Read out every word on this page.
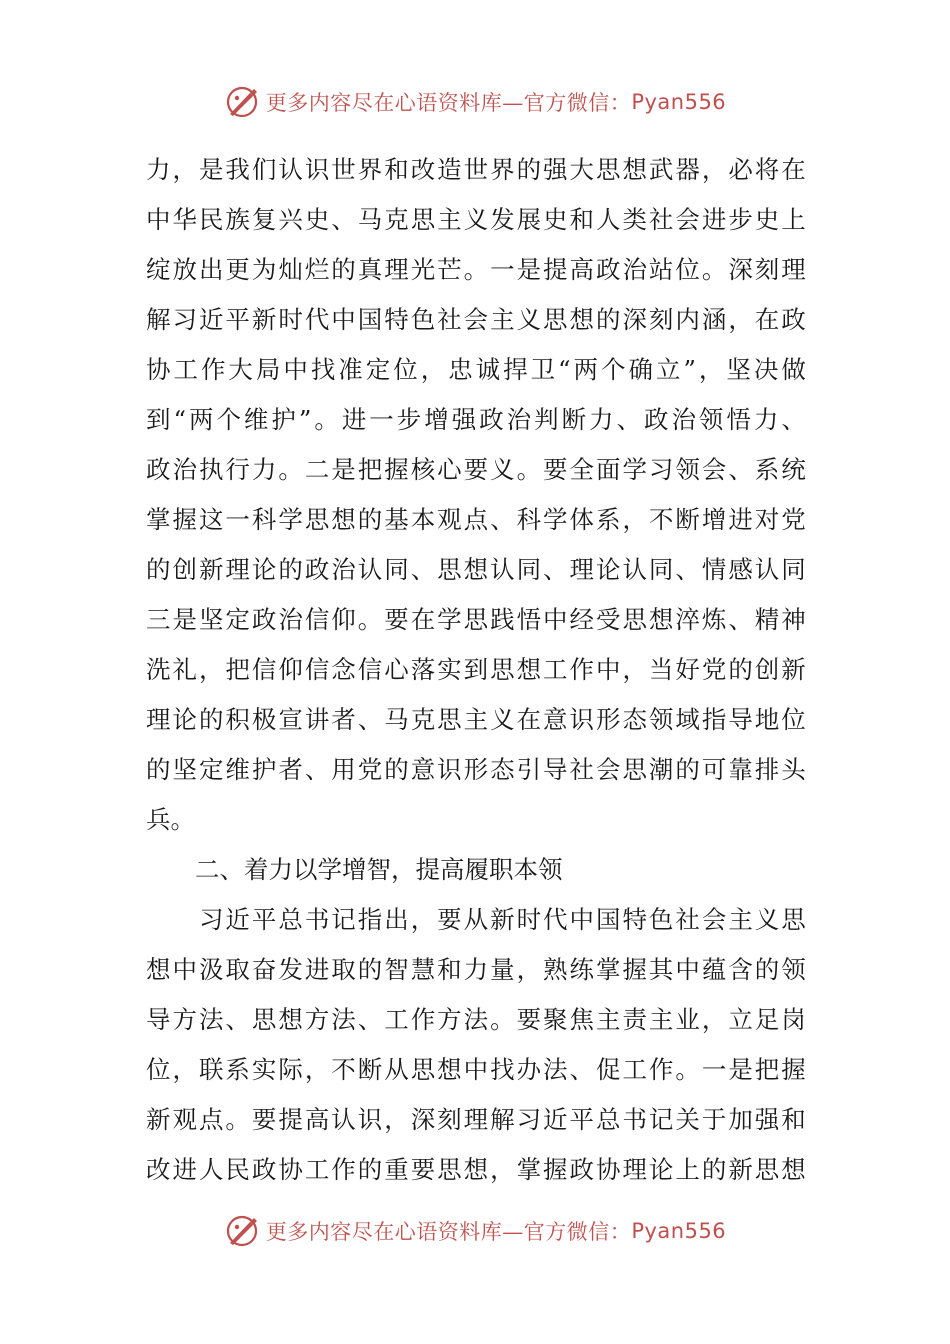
更多内容尽在心语资料库—官方微信： Pyan556
力 ， 是 我 们 认 识 世 界 和 改 造 世 界 的 强 大 思 想 武 器 ， 必 将 在
中 华 民 族 复 兴 史 、 马 克 思 主 义 发 展 史 和 人 类 社 会 进 步 史 上
绽 放 出 更 为 灿 烂 的 真 理 光 芒 。 一 是 提 高 政 治 站 位 。 深 刻 理
解 习 近 平 新 时 代 中 国 特 色 社 会 主 义 思 想 的 深 刻 内 涵 ， 在 政
协 工 作 大 局 中 找 准 定 位 ， 忠 诚 捍 卫 “ 两 个 确 立 ” ， 坚 决 做
到 “ 两 个 维 护 ” 。 进 一 步 增 强 政 治 判 断 力 、 政 治 领 悟 力 、
政 治 执 行 力 。 二 是 把 握 核 心 要 义 。 要 全 面 学 习 领 会 、 系 统
掌 握 这 一 科 学 思 想 的 基 本 观 点 、 科 学 体 系 ， 不 断 增 进 对 党
的 创 新 理 论 的 政 治 认 同 、 思 想 认 同 、 理 论 认 同 、 情 感 认 同
三 是 坚 定 政 治 信 仰 。 要 在 学 思 践 悟 中 经 受 思 想 淬 炼 、 精 神
洗 礼 ， 把 信 仰 信 念 信 心 落 实 到 思 想 工 作 中 ， 当 好 党 的 创 新
理 论 的 积 极 宣 讲 者 、 马 克 思 主 义 在 意 识 形 态 领 域 指 导 地 位
的 坚 定 维 护 者 、 用 党 的 意 识 形 态 引 导 社 会 思 潮 的 可 靠 排 头
兵。
　　二、着力以学增智，提高履职本领

习 近 平 总 书 记 指 出 ， 要 从 新 时 代 中 国 特 色 社 会 主 义 思
想 中 汲 取 奋 发 进 取 的 智 慧 和 力 量 ， 熟 练 掌 握 其 中 蕴 含 的 领
导 方 法 、 思 想 方 法 、 工 作 方 法 。 要 聚 焦 主 责 主 业 ， 立 足 岗
位 ， 联 系 实 际 ， 不 断 从 思 想 中 找 办 法 、 促 工 作 。 一 是 把 握
新 观 点 。 要 提 高 认 识 ， 深 刻 理 解 习 近 平 总 书 记 关 于 加 强 和
改 进 人 民 政 协 工 作 的 重 要 思 想 ， 掌 握 政 协 理 论 上 的 新 思 想
更多内容尽在心语资料库—官方微信： Pyan556
